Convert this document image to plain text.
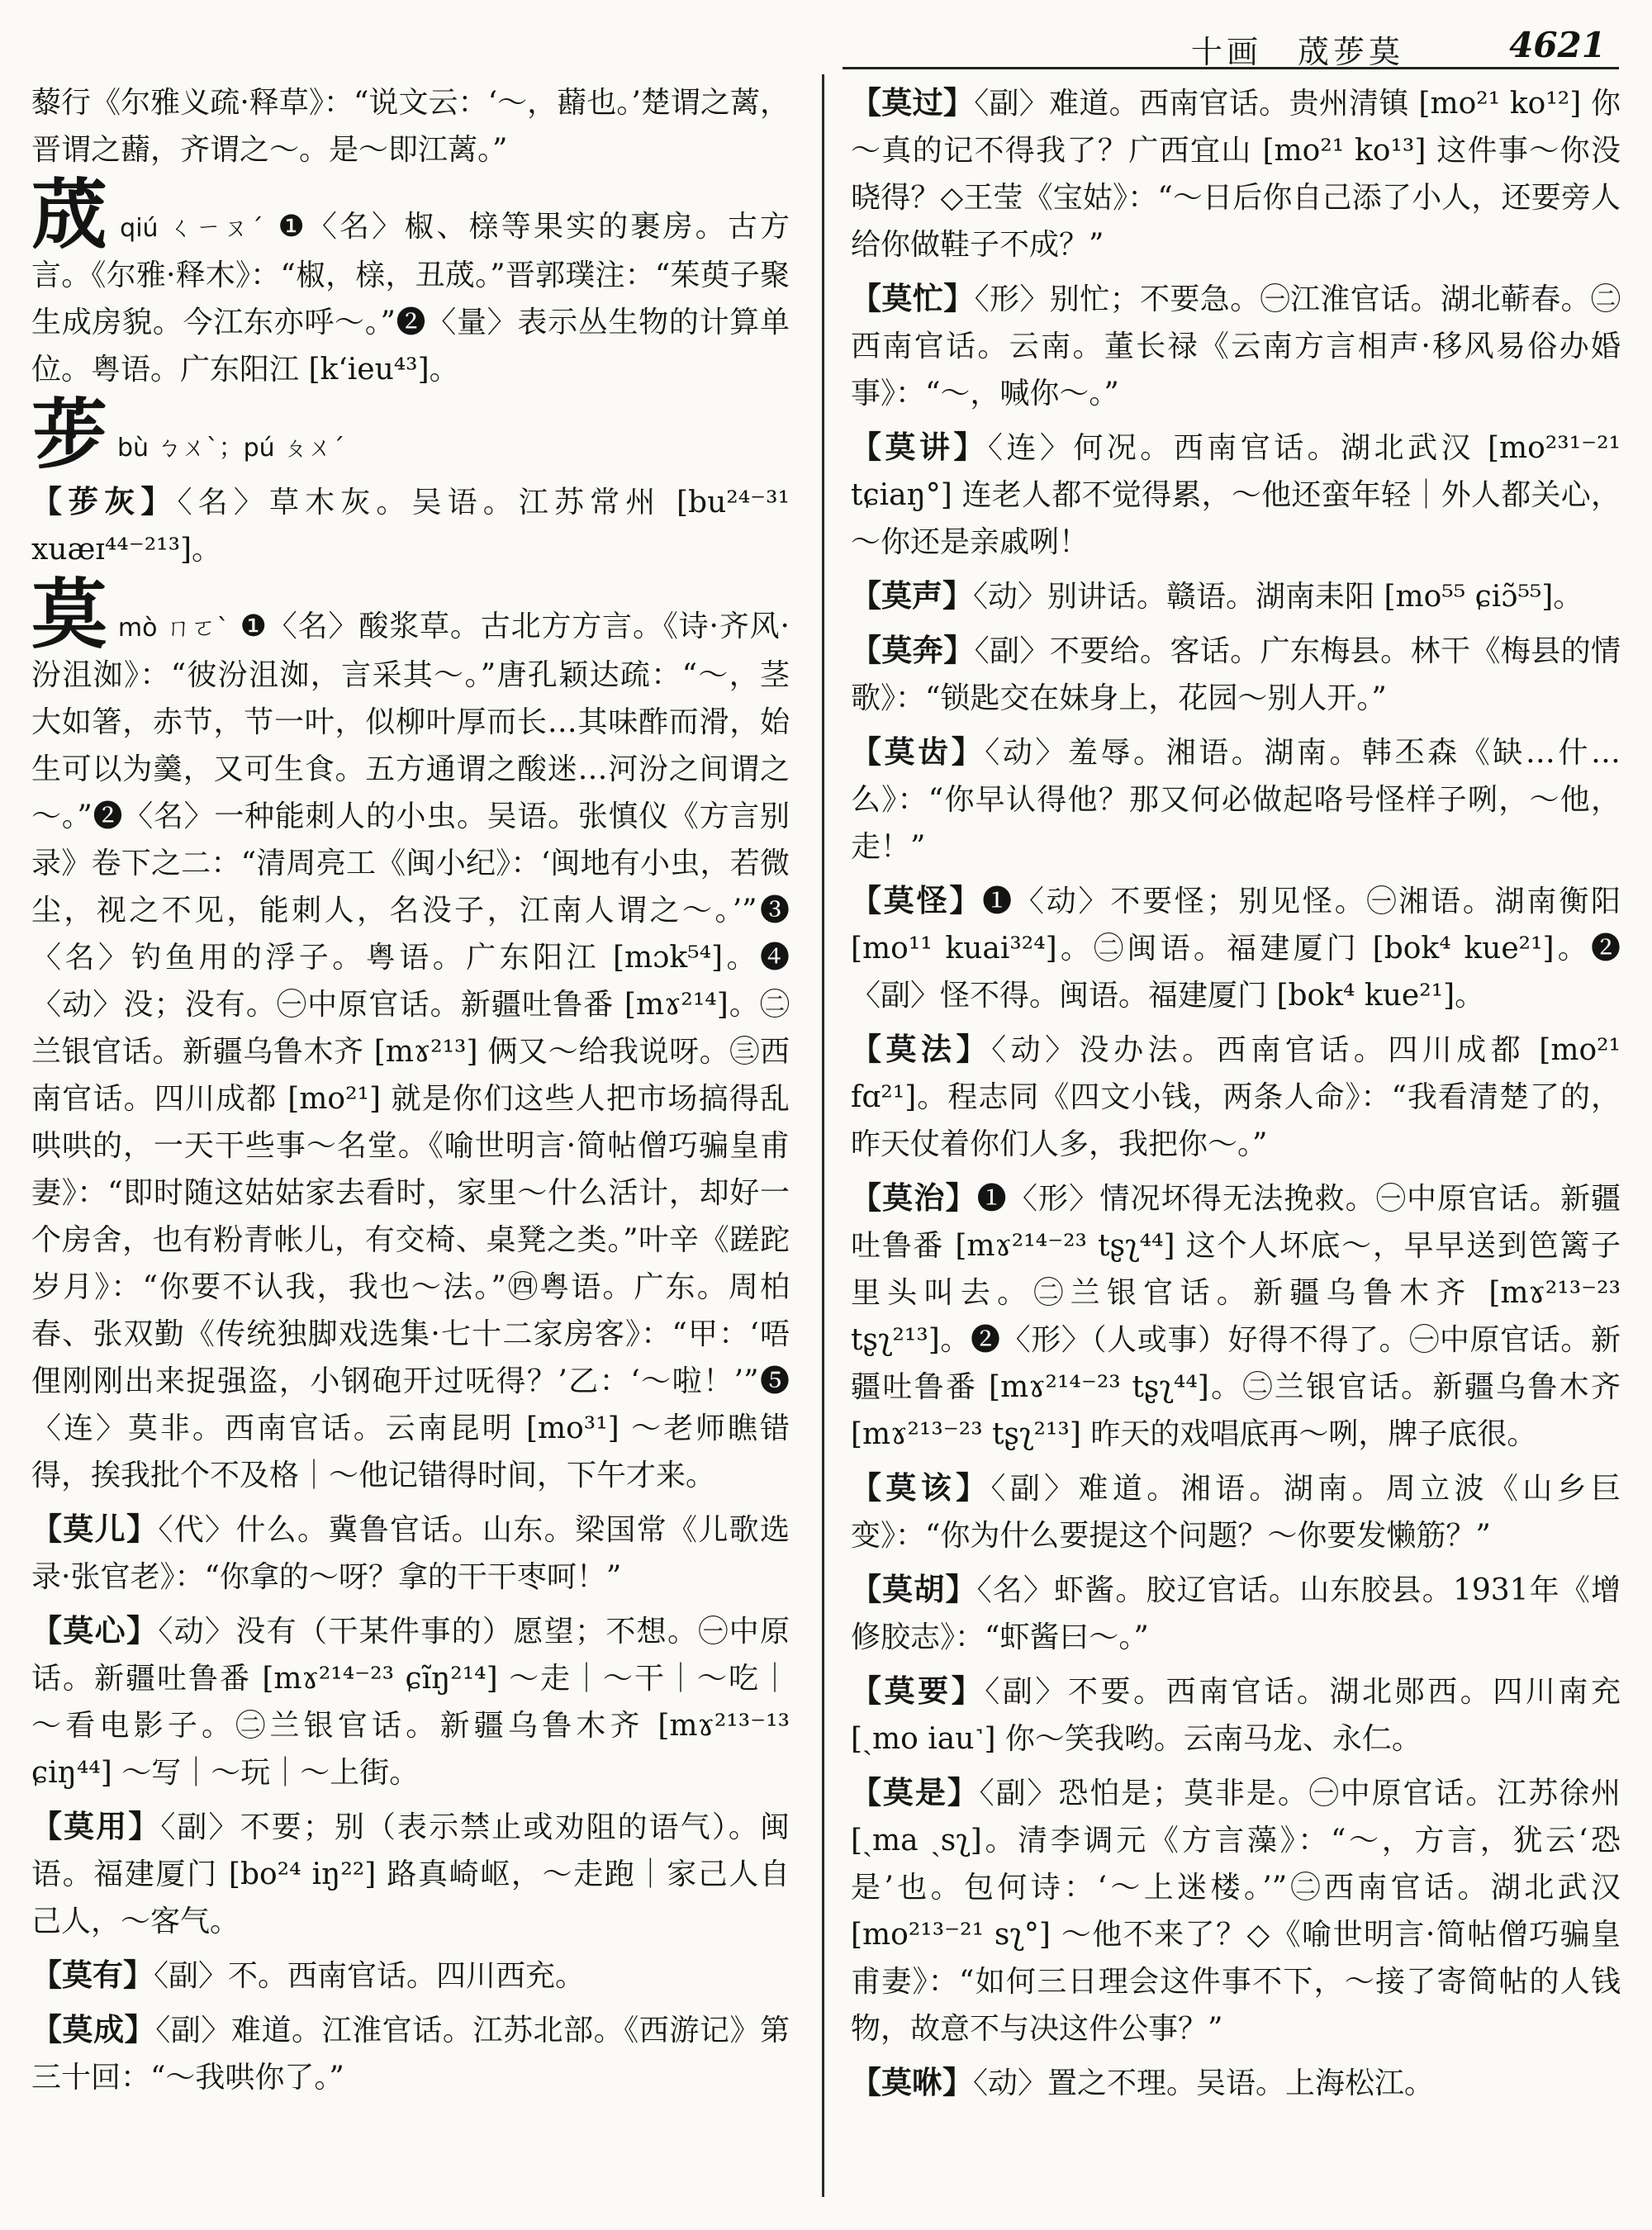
十画　荿荹莫	4621

藜行《尔雅义疏·释草》：“说文云：‘～，蘛也。’楚谓之蓠，晋谓之蘛，齐谓之～。是～即江蓠。”

荿qiú ㄑㄧㄡˊ ❶〈名〉椒、榇等果实的裹房。古方言。《尔雅·释木》：“椒，榇，丑荿。”晋郭璞注：“茱萸子聚生成房貌。今江东亦呼～。”❷〈量〉表示丛生物的计算单位。粤语。广东阳江 [k‘ieu⁴³]。

荹bù ㄅㄨˋ；pú ㄆㄨˊ

【荹灰】〈名〉草木灰。吴语。江苏常州 [bu²⁴⁻³¹ xuæɪ⁴⁴⁻²¹³]。

莫mò ㄇㄛˋ ❶〈名〉酸浆草。古北方方言。《诗·齐风·汾沮洳》：“彼汾沮洳，言采其～。”唐孔颖达疏：“～，茎大如箸，赤节，节一叶，似柳叶厚而长…其味酢而滑，始生可以为羹，又可生食。五方通谓之酸迷…河汾之间谓之～。”❷〈名〉一种能刺人的小虫。吴语。张慎仪《方言别录》卷下之二：“清周亮工《闽小纪》：‘闽地有小虫，若微尘，视之不见，能刺人，名没子，江南人谓之～。’”❸〈名〉钓鱼用的浮子。粤语。广东阳江 [mɔk⁵⁴]。❹〈动〉没；没有。㊀中原官话。新疆吐鲁番 [mɤ²¹⁴]。㊁兰银官话。新疆乌鲁木齐 [mɤ²¹³] 俩又～给我说呀。㊂西南官话。四川成都 [mo²¹] 就是你们这些人把市场搞得乱哄哄的，一天干些事～名堂。《喻世明言·简帖僧巧骗皇甫妻》：“即时随这姑姑家去看时，家里～什么活计，却好一个房舍，也有粉青帐儿，有交椅、桌凳之类。”叶辛《蹉跎岁月》：“你要不认我，我也～法。”㊃粤语。广东。周柏春、张双勤《传统独脚戏选集·七十二家房客》：“甲：‘唔俚刚刚出来捉强盗，小钢砲开过呒得？’乙：‘～啦！’”❺〈连〉莫非。西南官话。云南昆明 [mo³¹] ～老师瞧错得，挨我批个不及格｜～他记错得时间，下午才来。

【莫儿】〈代〉什么。冀鲁官话。山东。梁国常《儿歌选录·张官老》：“你拿的～呀？拿的干干枣呵！”

【莫心】〈动〉没有（干某件事的）愿望；不想。㊀中原话。新疆吐鲁番 [mɤ²¹⁴⁻²³ ɕĩŋ²¹⁴] ～走｜～干｜～吃｜～看电影子。㊁兰银官话。新疆乌鲁木齐 [mɤ²¹³⁻¹³ ɕiŋ⁴⁴] ～写｜～玩｜～上街。

【莫用】〈副〉不要；别（表示禁止或劝阻的语气）。闽语。福建厦门 [bo²⁴ iŋ²²] 路真崎岖，～走跑｜家己人自己人，～客气。

【莫有】〈副〉不。西南官话。四川西充。

【莫成】〈副〉难道。江淮官话。江苏北部。《西游记》第三十回：“～我哄你了。”

【莫过】〈副〉难道。西南官话。贵州清镇 [mo²¹ ko¹²] 你～真的记不得我了？广西宜山 [mo²¹ ko¹³] 这件事～你没晓得？◇王莹《宝姑》：“～日后你自己添了小人，还要旁人给你做鞋子不成？”

【莫忙】〈形〉别忙；不要急。㊀江淮官话。湖北蕲春。㊁西南官话。云南。董长禄《云南方言相声·移风易俗办婚事》：“～，喊你～。”

【莫讲】〈连〉何况。西南官话。湖北武汉 [mo²³¹⁻²¹ tɕiaŋ°] 连老人都不觉得累，～他还蛮年轻｜外人都关心，～你还是亲戚咧！

【莫声】〈动〉别讲话。赣语。湖南耒阳 [mo⁵⁵ ɕiɔ̃⁵⁵]。

【莫奔】〈副〉不要给。客话。广东梅县。林干《梅县的情歌》：“锁匙交在妹身上，花园～别人开。”

【莫齿】〈动〉羞辱。湘语。湖南。韩丕森《缺…什…么》：“你早认得他？那又何必做起咯号怪样子咧，～他，走！”

【莫怪】❶〈动〉不要怪；别见怪。㊀湘语。湖南衡阳 [mo¹¹ kuai³²⁴]。㊁闽语。福建厦门 [bok⁴ kue²¹]。❷〈副〉怪不得。闽语。福建厦门 [bok⁴ kue²¹]。

【莫法】〈动〉没办法。西南官话。四川成都 [mo²¹ fɑ²¹]。程志同《四文小钱，两条人命》：“我看清楚了的，昨天仗着你们人多，我把你～。”

【莫治】❶〈形〉情况坏得无法挽救。㊀中原官话。新疆吐鲁番 [mɤ²¹⁴⁻²³ tʂʅ⁴⁴] 这个人坏底～，早早送到笆篱子里头叫去。㊁兰银官话。新疆乌鲁木齐 [mɤ²¹³⁻²³ tʂʅ²¹³]。❷〈形〉（人或事）好得不得了。㊀中原官话。新疆吐鲁番 [mɤ²¹⁴⁻²³ tʂʅ⁴⁴]。㊁兰银官话。新疆乌鲁木齐 [mɤ²¹³⁻²³ tʂʅ²¹³] 昨天的戏唱底再～咧，牌子底很。

【莫该】〈副〉难道。湘语。湖南。周立波《山乡巨变》：“你为什么要提这个问题？～你要发懒筋？”

【莫胡】〈名〉虾酱。胶辽官话。山东胶县。1931年《增修胶志》：“虾酱曰～。”

【莫要】〈副〉不要。西南官话。湖北郧西。四川南充 [ˏmo iau˺] 你～笑我哟。云南马龙、永仁。

【莫是】〈副〉恐怕是；莫非是。㊀中原官话。江苏徐州 [ˏma ˎsʅ]。清李调元《方言藻》：“～，方言，犹云‘恐是’也。包何诗：‘～上迷楼。’”㊁西南官话。湖北武汉 [mo²¹³⁻²¹ sʅ°] ～他不来了？◇《喻世明言·简帖僧巧骗皇甫妻》：“如何三日理会这件事不下，～接了寄简帖的人钱物，故意不与决这件公事？”

【莫咻】〈动〉置之不理。吴语。上海松江。
